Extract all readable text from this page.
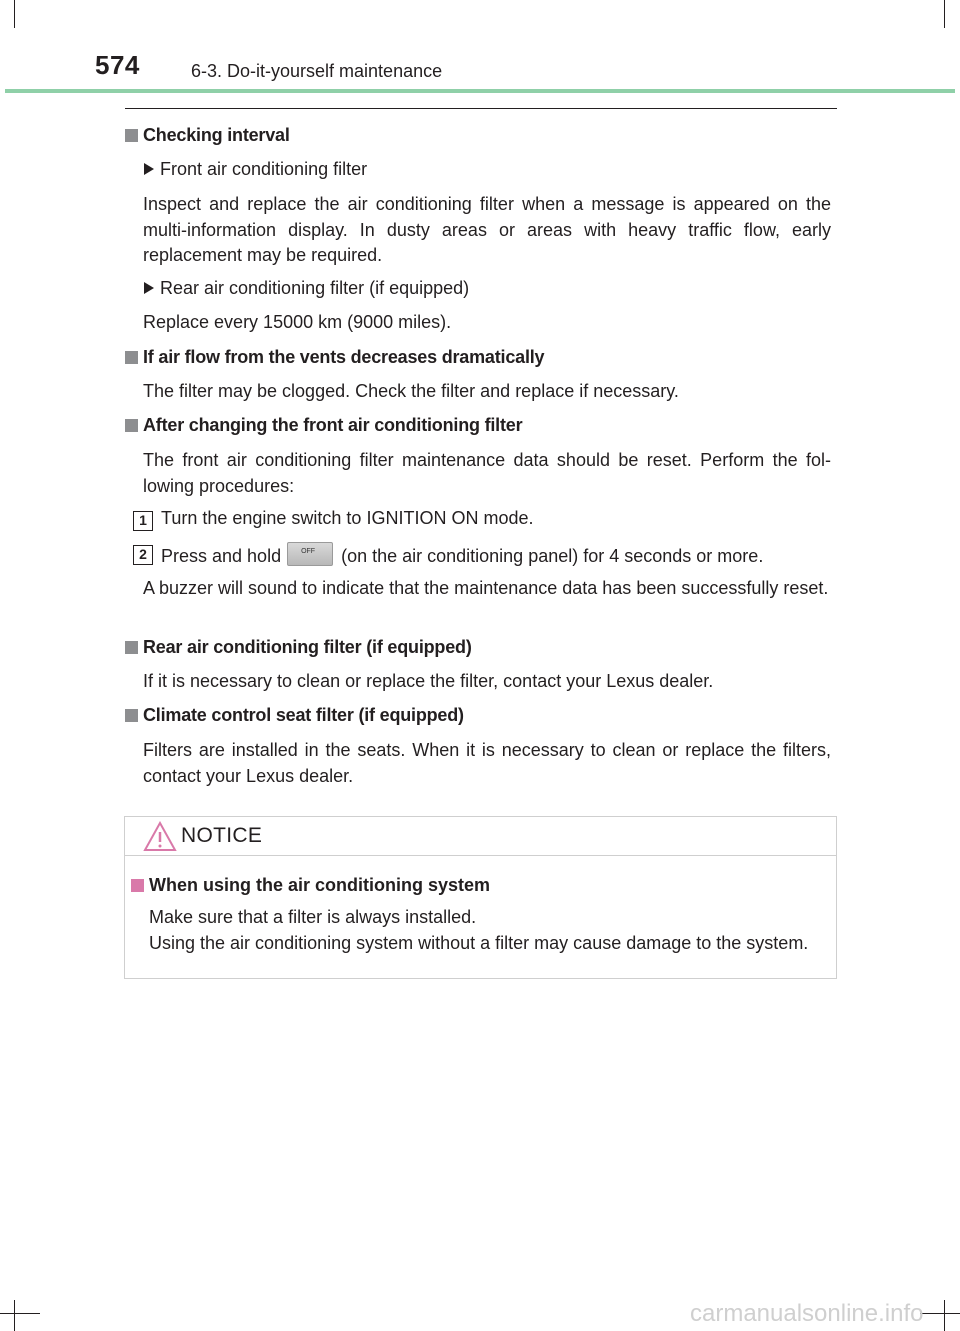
574	6-3. Do-it-yourself maintenance
Checking interval
Front air conditioning filter
Inspect and replace the air conditioning filter when a message is appeared on the multi-information display. In dusty areas or areas with heavy traffic flow, early replacement may be required.
Rear air conditioning filter (if equipped)
Replace every 15000 km (9000 miles).
If air flow from the vents decreases dramatically
The filter may be clogged. Check the filter and replace if necessary.
After changing the front air conditioning filter
The front air conditioning filter maintenance data should be reset. Perform the fol-lowing procedures:
1 Turn the engine switch to IGNITION ON mode.
2 Press and hold	OFF (on the air conditioning panel) for 4 seconds or more.
A buzzer will sound to indicate that the maintenance data has been successfully reset.
Rear air conditioning filter (if equipped)
If it is necessary to clean or replace the filter, contact your Lexus dealer.
Climate control seat filter (if equipped)
Filters are installed in the seats. When it is necessary to clean or replace the filters, contact your Lexus dealer.
NOTICE
When using the air conditioning system
Make sure that a filter is always installed.
Using the air conditioning system without a filter may cause damage to the system.
carmanualsonline.info
